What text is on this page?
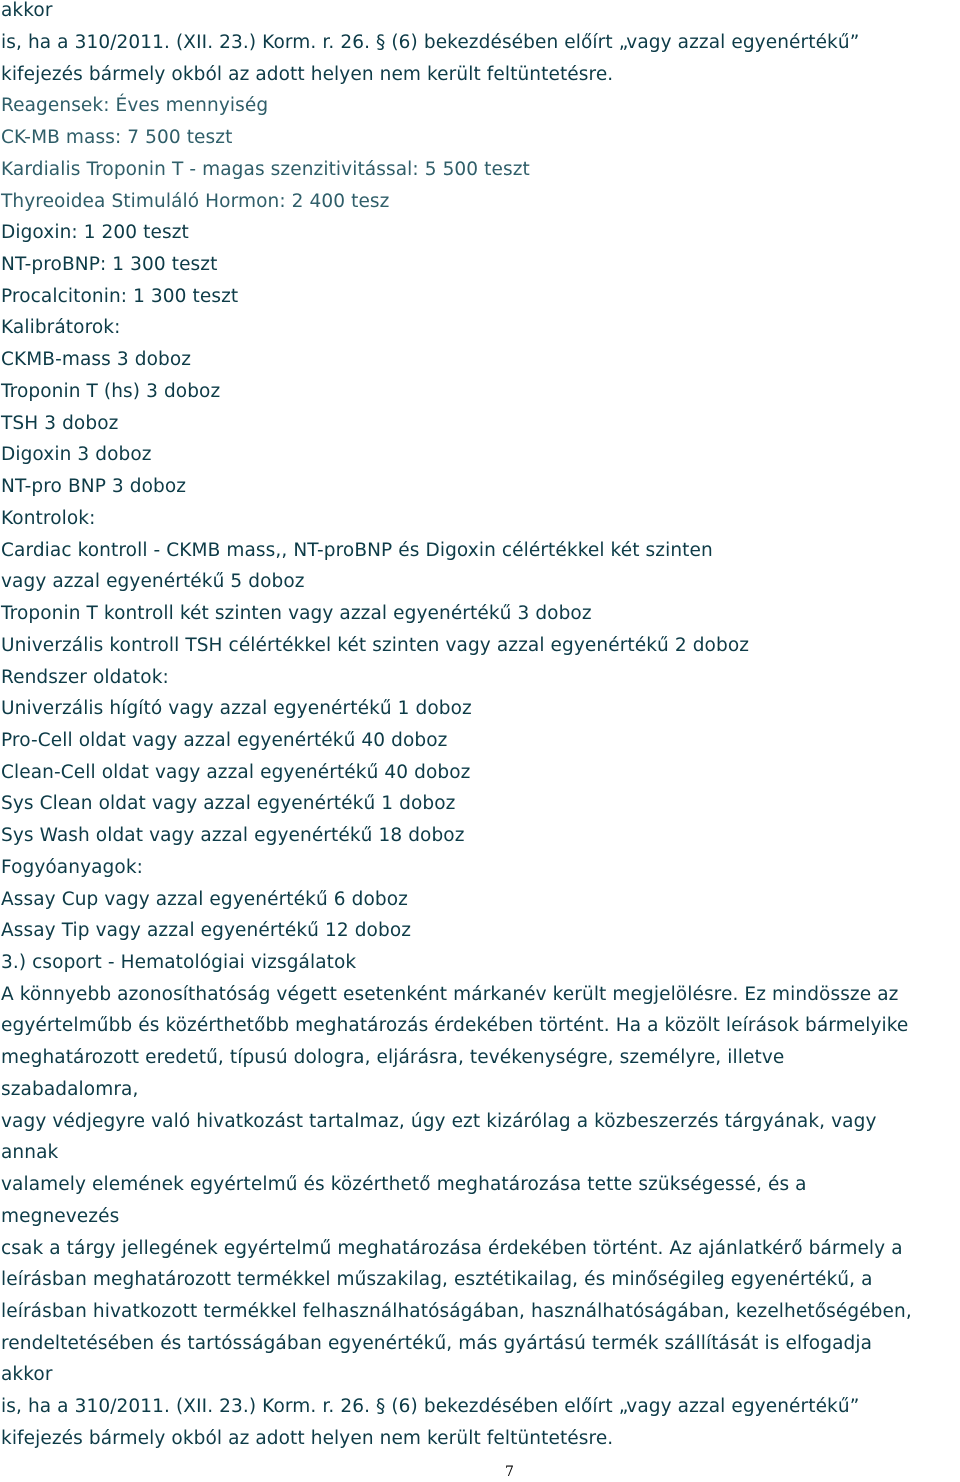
akkor
is, ha a 310/2011. (XII. 23.) Korm. r. 26. § (6) bekezdésében előírt „vagy azzal egyenértékű”
kifejezés bármely okból az adott helyen nem került feltüntetésre.
Reagensek: Éves mennyiség
CK-MB mass: 7 500 teszt
Kardialis Troponin T - magas szenzitivitással: 5 500 teszt
Thyreoidea Stimuláló Hormon: 2 400 tesz
Digoxin: 1 200 teszt
NT-proBNP: 1 300 teszt
Procalcitonin: 1 300 teszt
Kalibrátorok:
CKMB-mass 3 doboz
Troponin T (hs) 3 doboz
TSH 3 doboz
Digoxin 3 doboz
NT-pro BNP 3 doboz
Kontrolok:
Cardiac kontroll - CKMB mass,, NT-proBNP és Digoxin célértékkel két szinten
vagy azzal egyenértékű 5 doboz
Troponin T kontroll két szinten vagy azzal egyenértékű 3 doboz
Univerzális kontroll TSH célértékkel két szinten vagy azzal egyenértékű 2 doboz
Rendszer oldatok:
Univerzális hígító vagy azzal egyenértékű 1 doboz
Pro-Cell oldat vagy azzal egyenértékű 40 doboz
Clean-Cell oldat vagy azzal egyenértékű 40 doboz
Sys Clean oldat vagy azzal egyenértékű 1 doboz
Sys Wash oldat vagy azzal egyenértékű 18 doboz
Fogyóanyagok:
Assay Cup vagy azzal egyenértékű 6 doboz
Assay Tip vagy azzal egyenértékű 12 doboz
3.) csoport - Hematológiai vizsgálatok
A könnyebb azonosíthatóság végett esetenként márkanév került megjelölésre. Ez mindössze az
egyértelműbb és közérthetőbb meghatározás érdekében történt. Ha a közölt leírások bármelyike
meghatározott eredetű, típusú dologra, eljárásra, tevékenységre, személyre, illetve
szabadalomra,
vagy védjegyre való hivatkozást tartalmaz, úgy ezt kizárólag a közbeszerzés tárgyának, vagy
annak
valamely elemének egyértelmű és közérthető meghatározása tette szükségessé, és a
megnevezés
csak a tárgy jellegének egyértelmű meghatározása érdekében történt. Az ajánlatkérő bármely a
leírásban meghatározott termékkel műszakilag, esztétikailag, és minőségileg egyenértékű, a
leírásban hivatkozott termékkel felhasználhatóságában, használhatóságában, kezelhetőségében,
rendeltetésében és tartósságában egyenértékű, más gyártású termék szállítását is elfogadja
akkor
is, ha a 310/2011. (XII. 23.) Korm. r. 26. § (6) bekezdésében előírt „vagy azzal egyenértékű”
kifejezés bármely okból az adott helyen nem került feltüntetésre.
7
